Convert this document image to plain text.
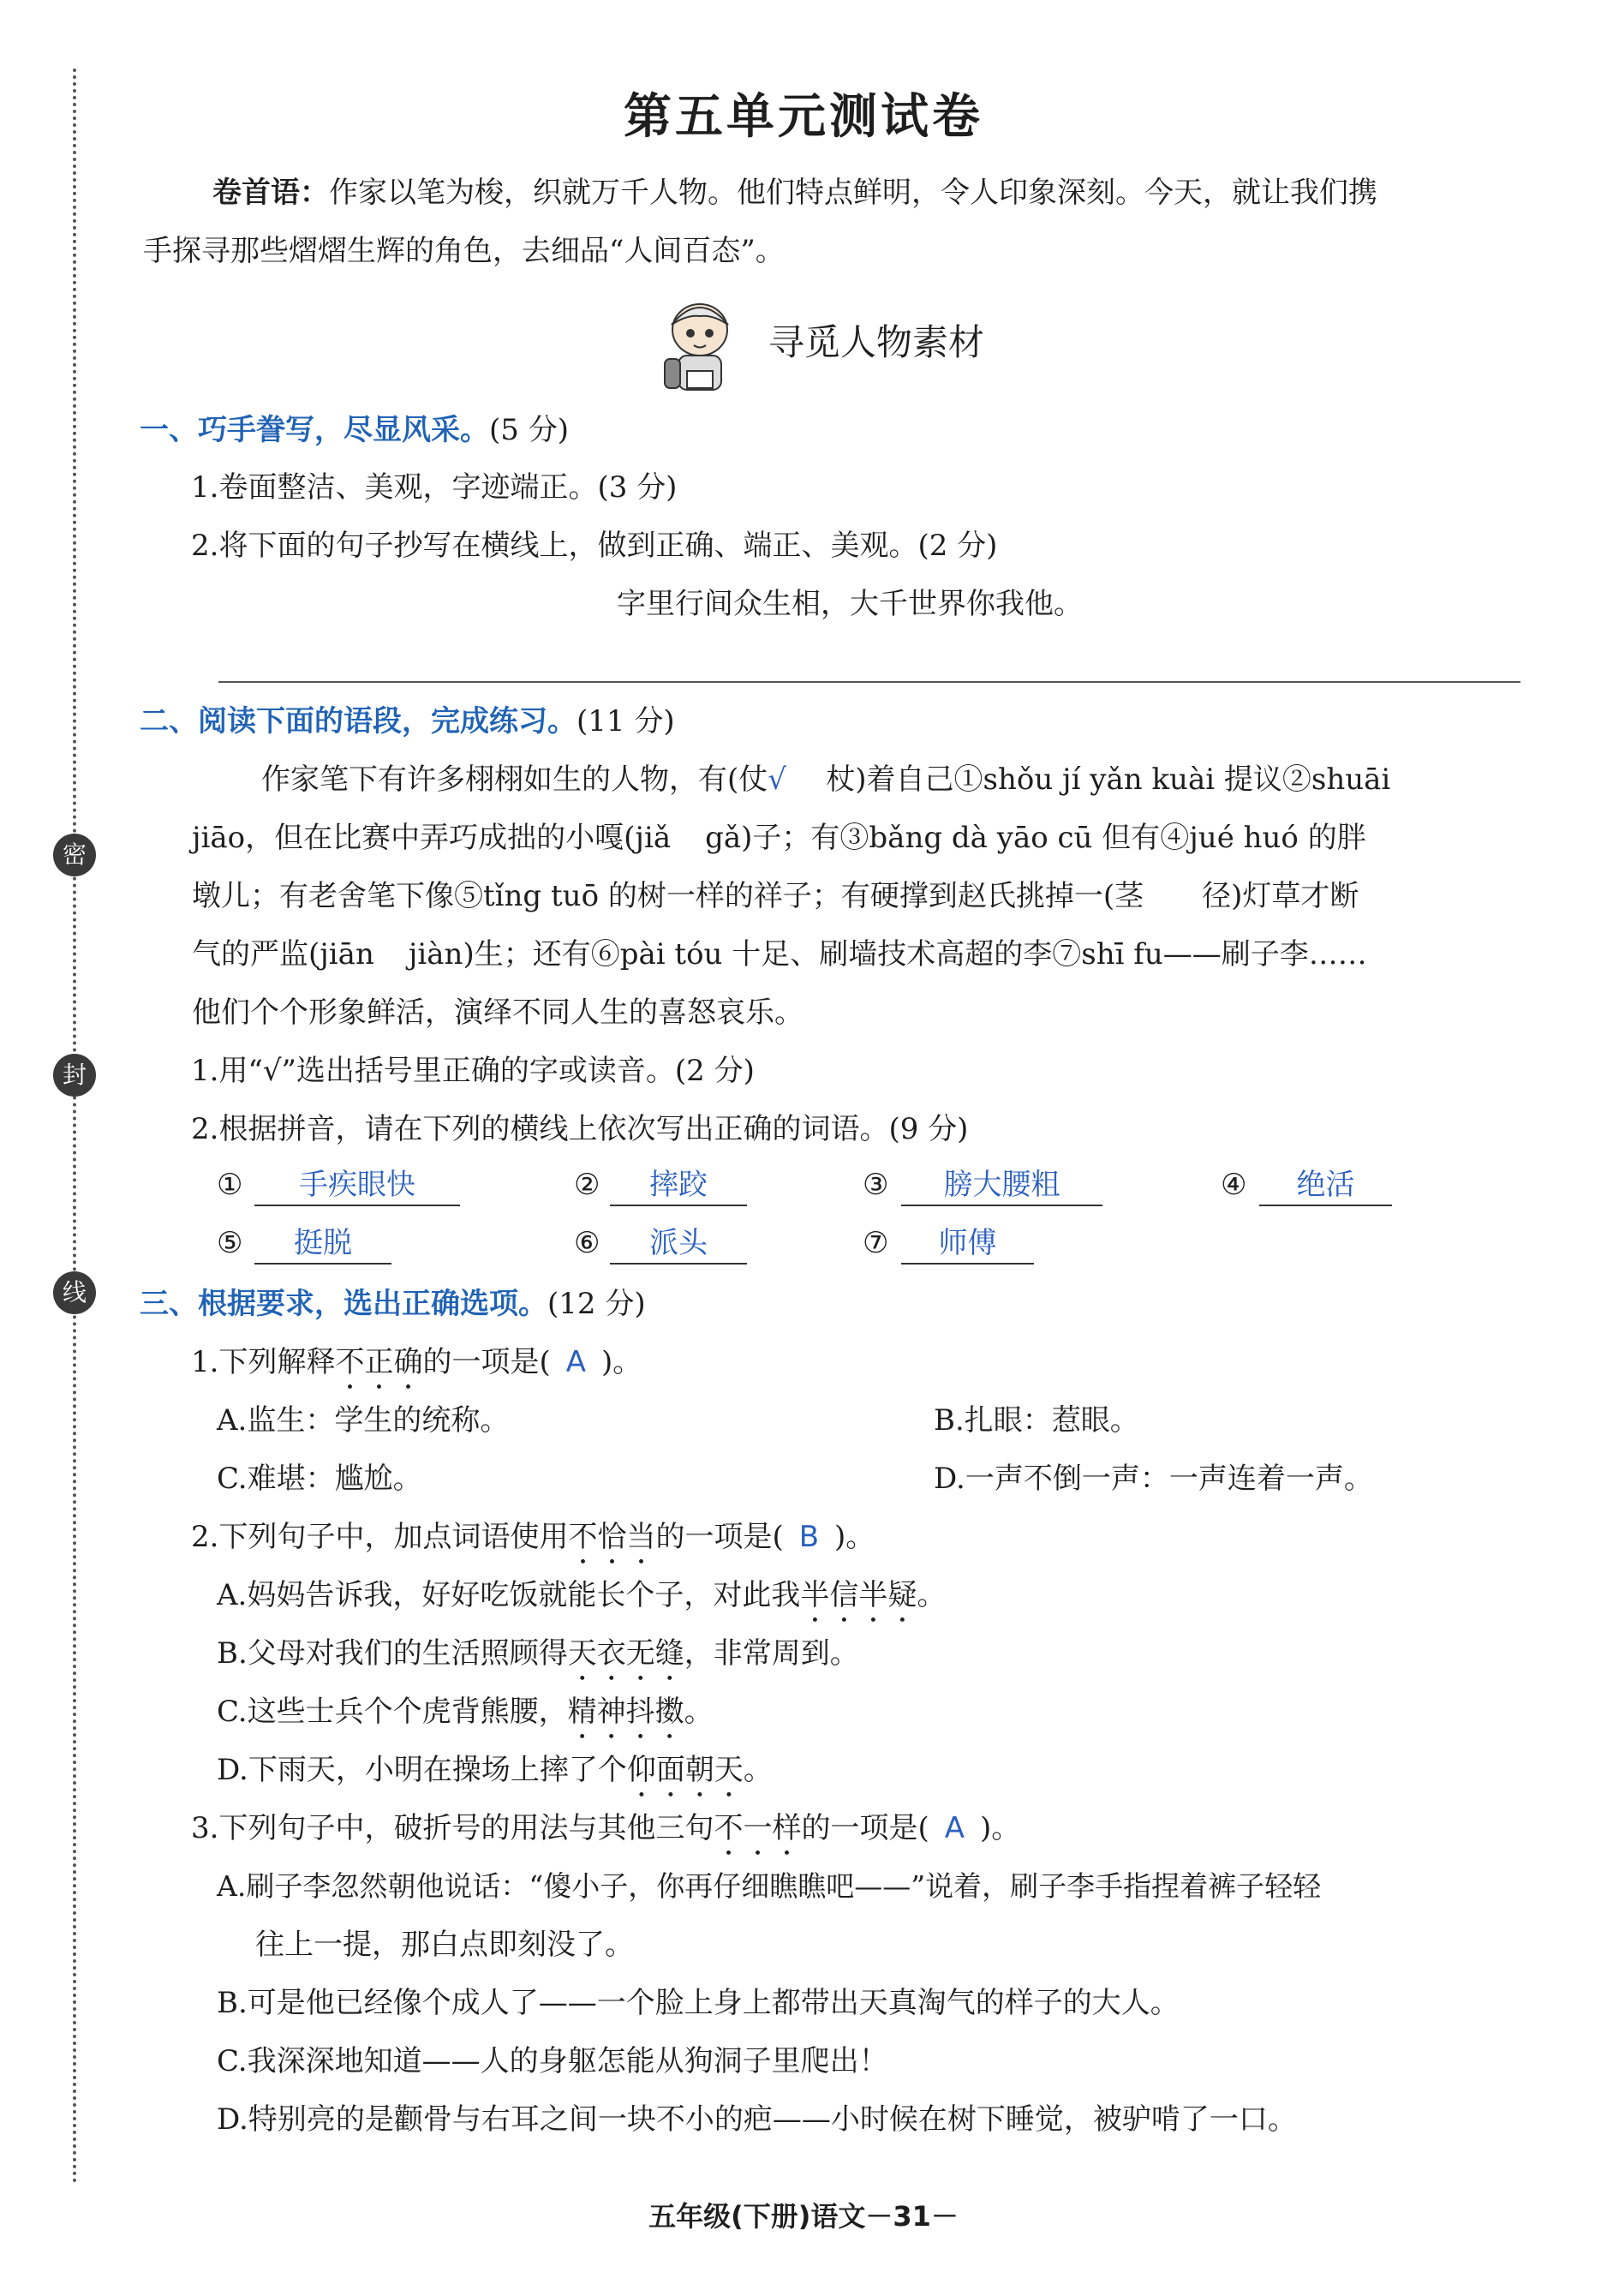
密
封
线
第五单元测试卷
卷首语：作家以笔为梭，织就万千人物。他们特点鲜明，令人印象深刻。今天，就让我们携
手探寻那些熠熠生辉的角色，去细品“人间百态”。
寻觅人物素材
一、巧手誊写，尽显风采。(5 分)
1.卷面整洁、美观，字迹端正。(3 分)
2.将下面的句子抄写在横线上，做到正确、端正、美观。(2 分)
字里行间众生相，大千世界你我他。
二、阅读下面的语段，完成练习。(11 分)
作家笔下有许多栩栩如生的人物，有(仗√ 杖)着自己①shǒu jí yǎn kuài 提议②shuāi
jiāo，但在比赛中弄巧成拙的小嘎(jiǎ gǎ)子；有③bǎng dà yāo cū 但有④jué huó 的胖
墩儿；有老舍笔下像⑤tǐng tuō 的树一样的祥子；有硬撑到赵氏挑掉一(茎 径)灯草才断
气的严监(jiān jiàn)生；还有⑥pài tóu 十足、刷墙技术高超的李⑦shī fu——刷子李……
他们个个形象鲜活，演绎不同人生的喜怒哀乐。
1.用“√”选出括号里正确的字或读音。(2 分)
2.根据拼音，请在下列的横线上依次写出正确的词语。(9 分)
①	手疾眼快	②	摔跤	③	膀大腰粗	④	绝活
⑤	挺脱	⑥	派头	⑦	师傅
三、根据要求，选出正确选项。(12 分)
1.下列解释不正确的一项是( A )。
A.监生：学生的统称。	B.扎眼：惹眼。
C.难堪：尴尬。	D.一声不倒一声：一声连着一声。
2.下列句子中，加点词语使用不恰当的一项是( B )。
A.妈妈告诉我，好好吃饭就能长个子，对此我半信半疑。
B.父母对我们的生活照顾得天衣无缝，非常周到。
C.这些士兵个个虎背熊腰，精神抖擞。
D.下雨天，小明在操场上摔了个仰面朝天。
3.下列句子中，破折号的用法与其他三句不一样的一项是( A )。
A.刷子李忽然朝他说话：“傻小子，你再仔细瞧瞧吧——”说着，刷子李手指捏着裤子轻轻
往上一提，那白点即刻没了。
B.可是他已经像个成人了——一个脸上身上都带出天真淘气的样子的大人。
C.我深深地知道——人的身躯怎能从狗洞子里爬出！
D.特别亮的是颧骨与右耳之间一块不小的疤——小时候在树下睡觉，被驴啃了一口。
五年级(下册)语文－31－
